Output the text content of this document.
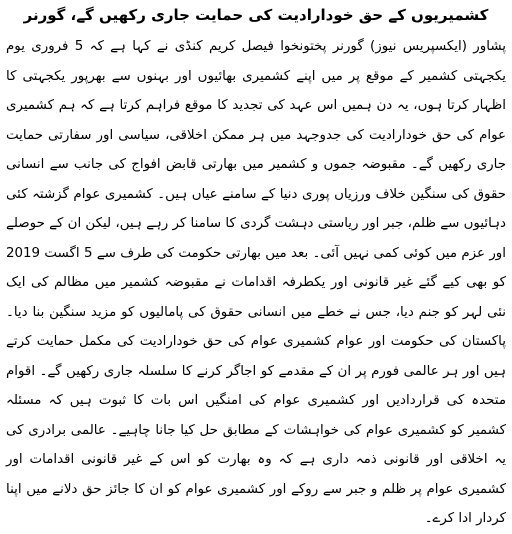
کشمیریوں کے حق خودارادیت کی حمایت جاری رکھیں گے، گورنر

پشاور (ایکسپریس نیوز) گورنر پختونخوا فیصل کریم کنڈی نے کہا ہے کہ 5 فروری یوم یکجہتی کشمیر کے موقع پر میں اپنے کشمیری بھائیوں اور بہنوں سے بھرپور یکجہتی کا اظہار کرتا ہوں، یہ دن ہمیں اس عہد کی تجدید کا موقع فراہم کرتا ہے کہ ہم کشمیری عوام کی حق خودارادیت کی جدوجہد میں ہر ممکن اخلاقی، سیاسی اور سفارتی حمایت جاری رکھیں گے۔ مقبوضہ جموں و کشمیر میں بھارتی قابض افواج کی جانب سے انسانی حقوق کی سنگین خلاف ورزیاں پوری دنیا کے سامنے عیاں ہیں۔ کشمیری عوام گزشتہ کئی دہائیوں سے ظلم، جبر اور ریاستی دہشت گردی کا سامنا کر رہے ہیں، لیکن ان کے حوصلے اور عزم میں کوئی کمی نہیں آئی۔ بعد میں بھارتی حکومت کی طرف سے 5 اگست 2019 کو بھی کیے گئے غیر قانونی اور یکطرفہ اقدامات نے مقبوضہ کشمیر میں مظالم کی ایک نئی لہر کو جنم دیا، جس نے خطے میں انسانی حقوق کی پامالیوں کو مزید سنگین بنا دیا۔ پاکستان کی حکومت اور عوام کشمیری عوام کی حق خودارادیت کی مکمل حمایت کرتے ہیں اور ہر عالمی فورم پر ان کے مقدمے کو اجاگر کرنے کا سلسلہ جاری رکھیں گے۔ اقوام متحدہ کی قراردادیں اور کشمیری عوام کی امنگیں اس بات کا ثبوت ہیں کہ مسئلہ کشمیر کو کشمیری عوام کی خواہشات کے مطابق حل کیا جانا چاہیے۔ عالمی برادری کی یہ اخلاقی اور قانونی ذمہ داری ہے کہ وہ بھارت کو اس کے غیر قانونی اقدامات اور کشمیری عوام پر ظلم و جبر سے روکے اور کشمیری عوام کو ان کا جائز حق دلانے میں اپنا کردار ادا کرے۔
